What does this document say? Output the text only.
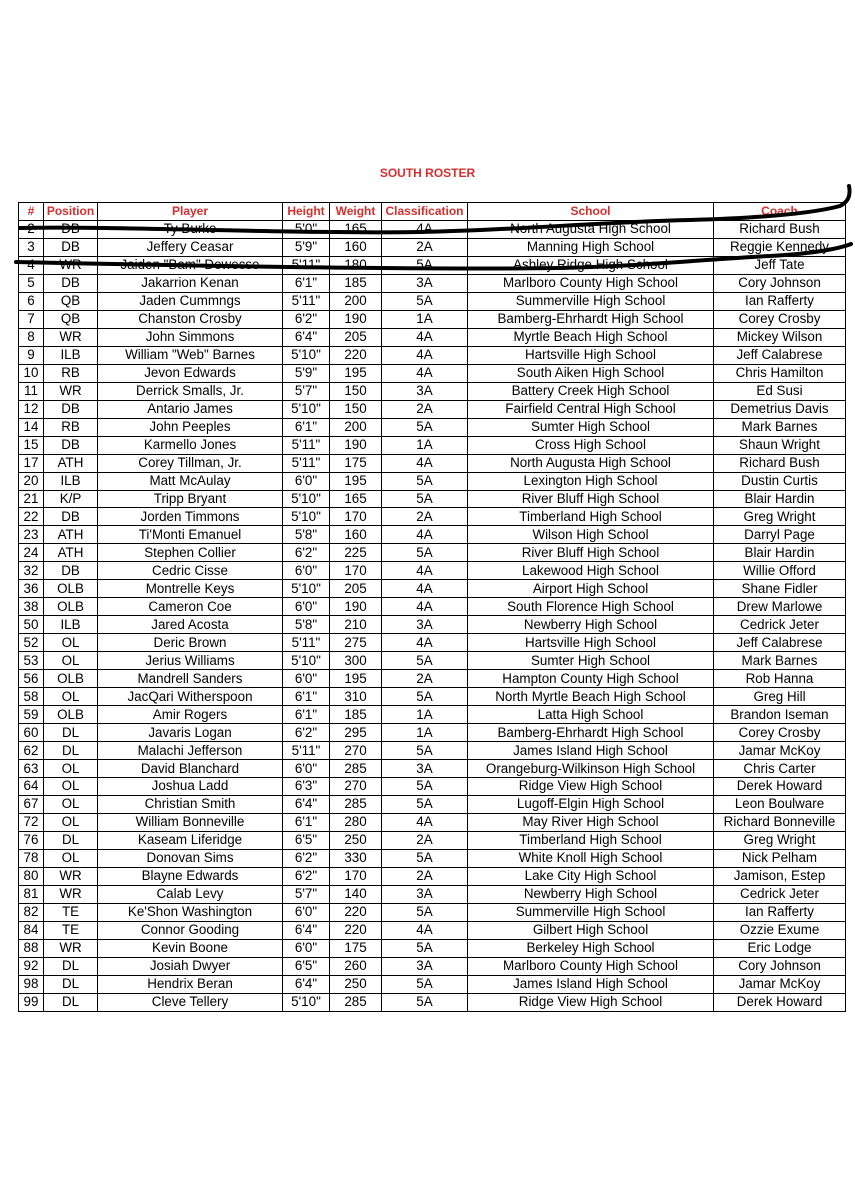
SOUTH ROSTER
#	Position	Player	Height	Weight	Classification	School	Coach
2	DB	Ty Burke	5'0"	165	4A	North Augusta High School	Richard Bush
3	DB	Jeffery Ceasar	5'9"	160	2A	Manning High School	Reggie Kennedy
4	WR	Jaiden "Bam" Dewecse	5'11"	180	5A	Ashley Ridge High School	Jeff Tate
5	DB	Jakarrion Kenan	6'1"	185	3A	Marlboro County High School	Cory Johnson
6	QB	Jaden Cummngs	5'11"	200	5A	Summerville High School	Ian Rafferty
7	QB	Chanston Crosby	6'2"	190	1A	Bamberg-Ehrhardt High School	Corey Crosby
8	WR	John Simmons	6'4"	205	4A	Myrtle Beach High School	Mickey Wilson
9	ILB	William "Web" Barnes	5'10"	220	4A	Hartsville High School	Jeff Calabrese
10	RB	Jevon Edwards	5'9"	195	4A	South Aiken High School	Chris Hamilton
11	WR	Derrick Smalls, Jr.	5'7"	150	3A	Battery Creek High School	Ed Susi
12	DB	Antario James	5'10"	150	2A	Fairfield Central High School	Demetrius Davis
14	RB	John Peeples	6'1"	200	5A	Sumter High School	Mark Barnes
15	DB	Karmello Jones	5'11"	190	1A	Cross High School	Shaun Wright
17	ATH	Corey Tillman, Jr.	5'11"	175	4A	North Augusta High School	Richard Bush
20	ILB	Matt McAulay	6'0"	195	5A	Lexington High School	Dustin Curtis
21	K/P	Tripp Bryant	5'10"	165	5A	River Bluff High School	Blair Hardin
22	DB	Jorden Timmons	5'10"	170	2A	Timberland High School	Greg Wright
23	ATH	Ti'Monti Emanuel	5'8"	160	4A	Wilson High School	Darryl Page
24	ATH	Stephen Collier	6'2"	225	5A	River Bluff High School	Blair Hardin
32	DB	Cedric Cisse	6'0"	170	4A	Lakewood High School	Willie Offord
36	OLB	Montrelle Keys	5'10"	205	4A	Airport High School	Shane Fidler
38	OLB	Cameron Coe	6'0"	190	4A	South Florence High School	Drew Marlowe
50	ILB	Jared Acosta	5'8"	210	3A	Newberry High School	Cedrick Jeter
52	OL	Deric Brown	5'11"	275	4A	Hartsville High School	Jeff Calabrese
53	OL	Jerius Williams	5'10"	300	5A	Sumter High School	Mark Barnes
56	OLB	Mandrell Sanders	6'0"	195	2A	Hampton County High School	Rob Hanna
58	OL	JacQari Witherspoon	6'1"	310	5A	North Myrtle Beach High School	Greg Hill
59	OLB	Amir Rogers	6'1"	185	1A	Latta High School	Brandon Iseman
60	DL	Javaris Logan	6'2"	295	1A	Bamberg-Ehrhardt High School	Corey Crosby
62	DL	Malachi Jefferson	5'11"	270	5A	James Island High School	Jamar McKoy
63	OL	David Blanchard	6'0"	285	3A	Orangeburg-Wilkinson High School	Chris Carter
64	OL	Joshua Ladd	6'3"	270	5A	Ridge View High School	Derek Howard
67	OL	Christian Smith	6'4"	285	5A	Lugoff-Elgin High School	Leon Boulware
72	OL	William Bonneville	6'1"	280	4A	May River High School	Richard Bonneville
76	DL	Kaseam Liferidge	6'5"	250	2A	Timberland High School	Greg Wright
78	OL	Donovan Sims	6'2"	330	5A	White Knoll High School	Nick Pelham
80	WR	Blayne Edwards	6'2"	170	2A	Lake City High School	Jamison, Estep
81	WR	Calab Levy	5'7"	140	3A	Newberry High School	Cedrick Jeter
82	TE	Ke'Shon Washington	6'0"	220	5A	Summerville High School	Ian Rafferty
84	TE	Connor Gooding	6'4"	220	4A	Gilbert High School	Ozzie Exume
88	WR	Kevin Boone	6'0"	175	5A	Berkeley High School	Eric Lodge
92	DL	Josiah Dwyer	6'5"	260	3A	Marlboro County High School	Cory Johnson
98	DL	Hendrix Beran	6'4"	250	5A	James Island High School	Jamar McKoy
99	DL	Cleve Tellery	5'10"	285	5A	Ridge View High School	Derek Howard
